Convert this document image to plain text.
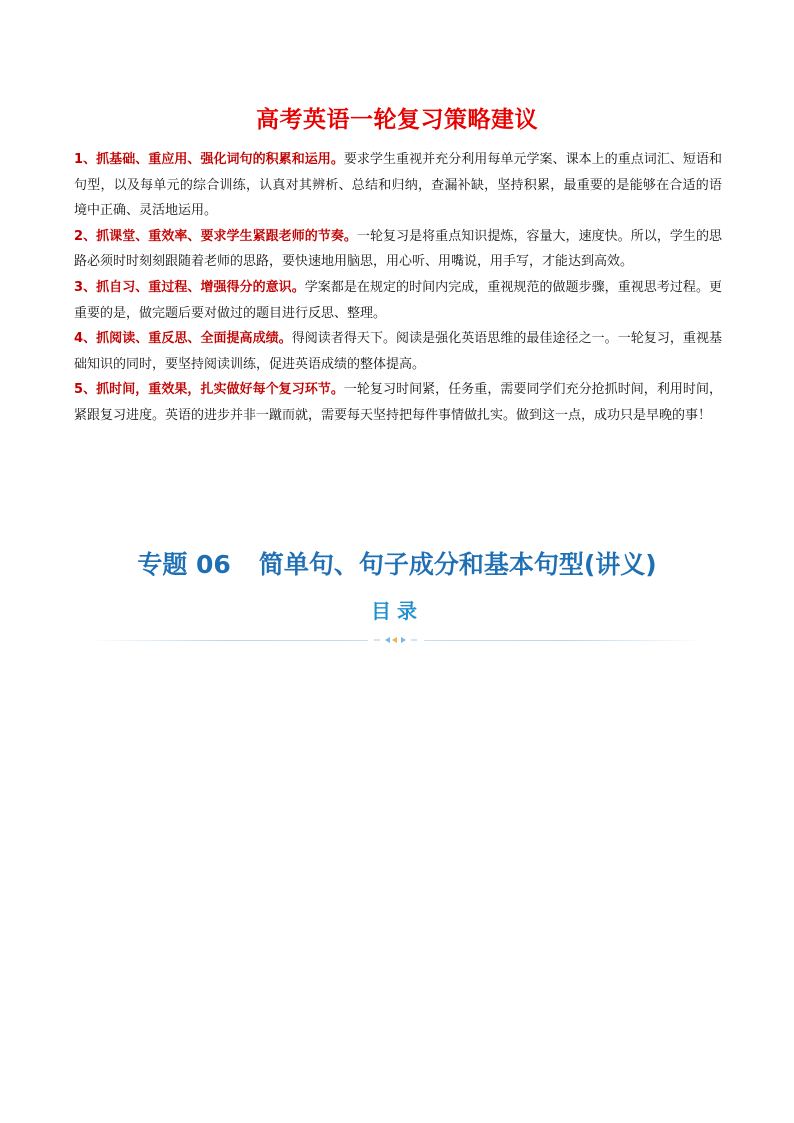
高考英语一轮复习策略建议
1、抓基础、重应用、强化词句的积累和运用。要求学生重视并充分利用每单元学案、课本上的重点词汇、短语和句型，以及每单元的综合训练，认真对其辨析、总结和归纳，查漏补缺，坚持积累，最重要的是能够在合适的语境中正确、灵活地运用。
2、抓课堂、重效率、要求学生紧跟老师的节奏。一轮复习是将重点知识提炼，容量大，速度快。所以，学生的思路必须时时刻刻跟随着老师的思路，要快速地用脑思，用心听、用嘴说，用手写，才能达到高效。
3、抓自习、重过程、增强得分的意识。学案都是在规定的时间内完成，重视规范的做题步骤，重视思考过程。更重要的是，做完题后要对做过的题目进行反思、整理。
4、抓阅读、重反思、全面提高成绩。得阅读者得天下。阅读是强化英语思维的最佳途径之一。一轮复习，重视基础知识的同时，要坚持阅读训练，促进英语成绩的整体提高。
5、抓时间，重效果，扎实做好每个复习环节。一轮复习时间紧，任务重，需要同学们充分抢抓时间，利用时间，紧跟复习进度。英语的进步并非一蹴而就，需要每天坚持把每件事情做扎实。做到这一点，成功只是早晚的事！
专题 06 简单句、句子成分和基本句型(讲义)
目录
